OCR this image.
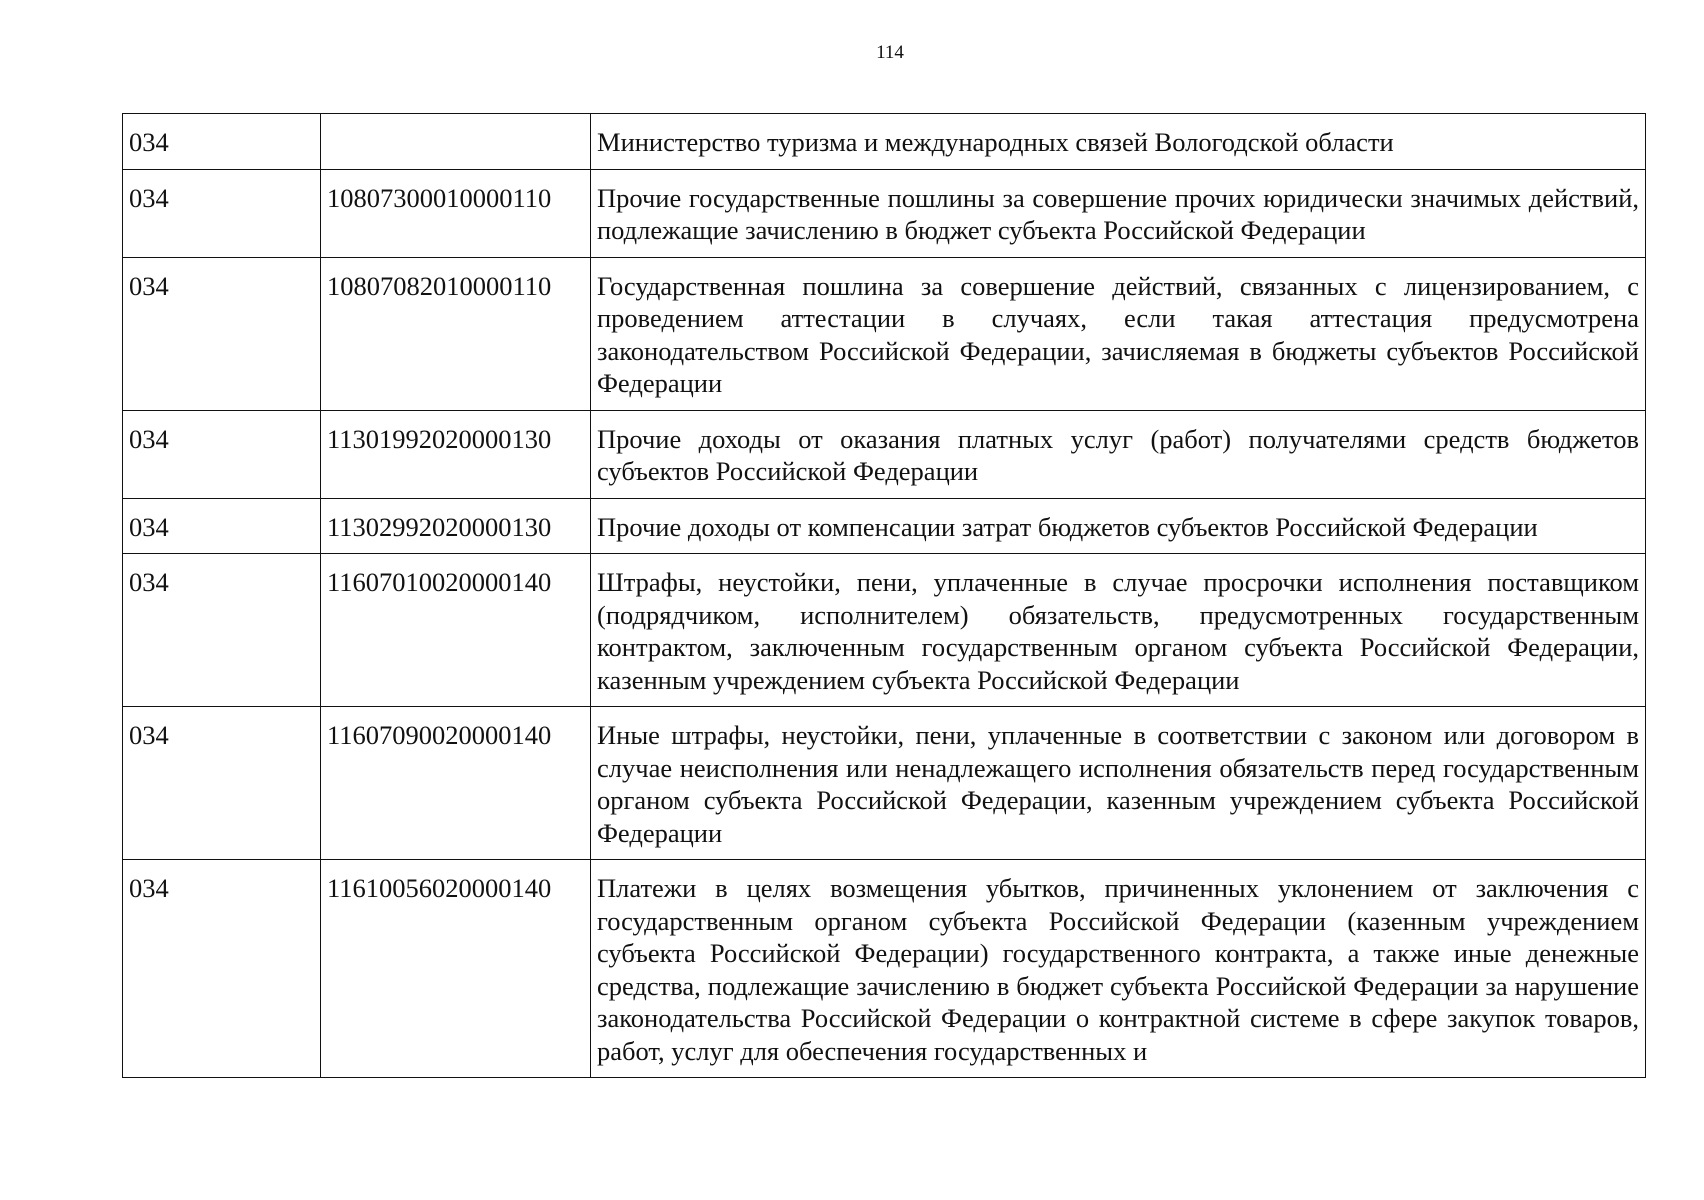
114
034		Министерство туризма и международных связей Вологодской области
034	10807300010000110	Прочие государственные пошлины за совершение прочих юридически значимых действий, подлежащие зачислению в бюджет субъекта Российской Федерации
034	10807082010000110	Государственная пошлина за совершение действий, связанных с лицензированием, с проведением аттестации в случаях, если такая аттестация предусмотрена законодательством Российской Федерации, зачисляемая в бюджеты субъектов Российской Федерации
034	11301992020000130	Прочие доходы от оказания платных услуг (работ) получателями средств бюджетов субъектов Российской Федерации
034	11302992020000130	Прочие доходы от компенсации затрат бюджетов субъектов Российской Федерации
034	11607010020000140	Штрафы, неустойки, пени, уплаченные в случае просрочки исполнения поставщиком (подрядчиком, исполнителем) обязательств, предусмотренных государственным контрактом, заключенным государственным органом субъекта Российской Федерации, казенным учреждением субъекта Российской Федерации
034	11607090020000140	Иные штрафы, неустойки, пени, уплаченные в соответствии с законом или договором в случае неисполнения или ненадлежащего исполнения обязательств перед государственным органом субъекта Российской Федерации, казенным учреждением субъекта Российской Федерации
034	11610056020000140	Платежи в целях возмещения убытков, причиненных уклонением от заключения с государственным органом субъекта Российской Федерации (казенным учреждением субъекта Российской Федерации) государственного контракта, а также иные денежные средства, подлежащие зачислению в бюджет субъекта Российской Федерации за нарушение законодательства Российской Федерации о контрактной системе в сфере закупок товаров, работ, услуг для обеспечения государственных и
